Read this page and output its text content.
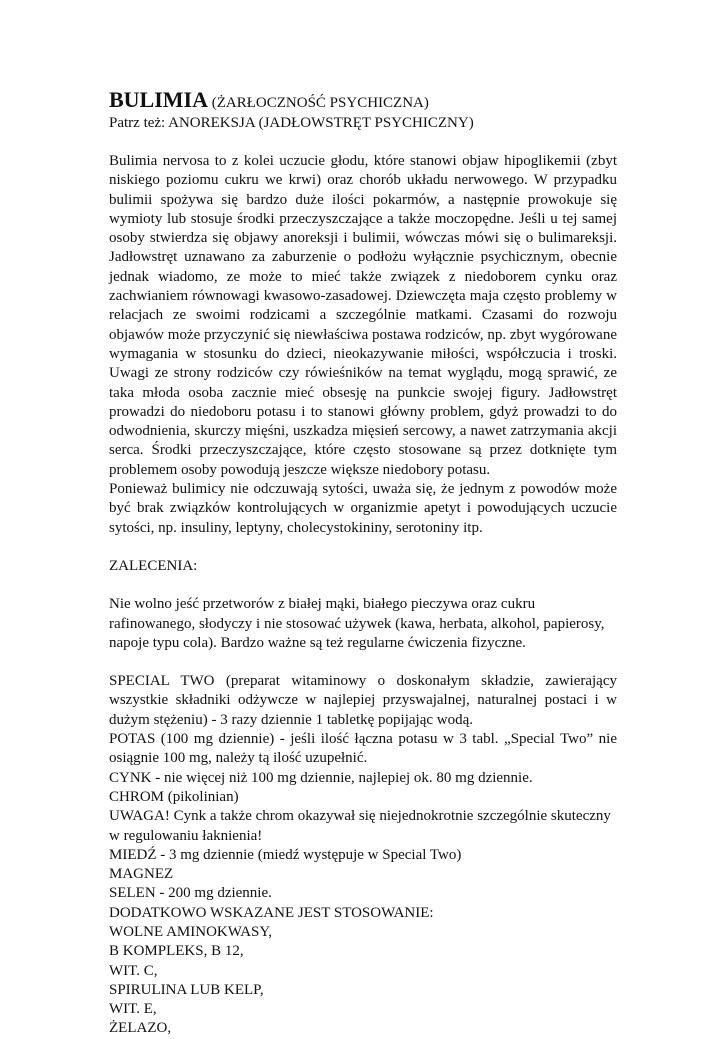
BULIMIA (ŻARŁOCZNOŚĆ PSYCHICZNA)

Patrz też: ANOREKSJA (JADŁOWSTRĘT PSYCHICZNY)

Bulimia nervosa to z kolei uczucie głodu, które stanowi objaw hipoglikemii (zbyt niskiego poziomu cukru we krwi) oraz chorób układu nerwowego. W przypadku bulimii spożywa się bardzo duże ilości pokarmów, a następnie prowokuje się wymioty lub stosuje środki przeczyszczające a także moczopędne. Jeśli u tej samej osoby stwierdza się objawy anoreksji i bulimii, wówczas mówi się o bulimareksji. Jadłowstręt uznawano za zaburzenie o podłożu wyłącznie psychicznym, obecnie jednak wiadomo, ze może to mieć także związek z niedoborem cynku oraz zachwianiem równowagi kwasowo-zasadowej. Dziewczęta maja często problemy w relacjach ze swoimi rodzicami a szczególnie matkami. Czasami do rozwoju objawów może przyczynić się niewłaściwa postawa rodziców, np. zbyt wygórowane wymagania w stosunku do dzieci, nieokazywanie miłości, współczucia i troski. Uwagi ze strony rodziców czy rówieśników na temat wyglądu, mogą sprawić, ze taka młoda osoba zacznie mieć obsesję na punkcie swojej figury. Jadłowstręt prowadzi do niedoboru potasu i to stanowi główny problem, gdyż prowadzi to do odwodnienia, skurczy mięśni, uszkadza mięsień sercowy, a nawet zatrzymania akcji serca. Środki przeczyszczające, które często stosowane są przez dotknięte tym problemem osoby powodują jeszcze większe niedobory potasu.

Ponieważ bulimicy nie odczuwają sytości, uważa się, że jednym z powodów może być brak związków kontrolujących w organizmie apetyt i powodujących uczucie sytości, np. insuliny, leptyny, cholecystokininy, serotoniny itp.

ZALECENIA:

Nie wolno jeść przetworów z białej mąki, białego pieczywa oraz cukru rafinowanego, słodyczy i nie stosować używek (kawa, herbata, alkohol, papierosy, napoje typu cola). Bardzo ważne są też regularne ćwiczenia fizyczne.

SPECIAL TWO (preparat witaminowy o doskonałym składzie, zawierający wszystkie składniki odżywcze w najlepiej przyswajalnej, naturalnej postaci i w dużym stężeniu) - 3 razy dziennie 1 tabletkę popijając wodą.

POTAS (100 mg dziennie) - jeśli ilość łączna potasu w 3 tabl. „Special Two” nie osiągnie 100 mg, należy tą ilość uzupełnić.

CYNK - nie więcej niż 100 mg dziennie, najlepiej ok. 80 mg dziennie.

CHROM (pikolinian)

UWAGA! Cynk a także chrom okazywał się niejednokrotnie szczególnie skuteczny w regulowaniu łaknienia!

MIEDŹ - 3 mg dziennie (miedź występuje w Special Two)

MAGNEZ

SELEN - 200 mg dziennie.

DODATKOWO WSKAZANE JEST STOSOWANIE:

WOLNE AMINOKWASY,

B KOMPLEKS, B 12,

WIT. C,

SPIRULINA LUB KELP,

WIT. E,

ŻELAZO,
